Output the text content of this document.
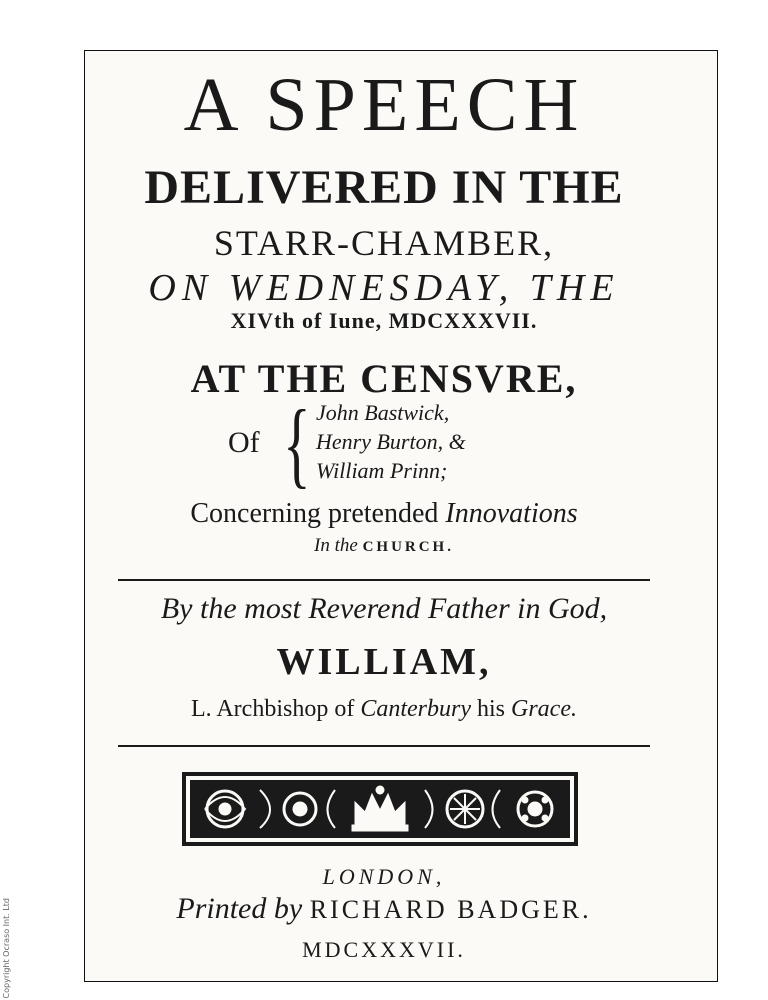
A SPEECH
DELIVERED IN THE
STARR-CHAMBER,
ON WEDNESDAY, THE
XIVth of Iune, MDCXXXVII.
AT THE CENSVRE,
Of { John Bastwick,
Henry Burton, &
William Prinn;
Concerning pretended Innovations
In the CHURCH.
By the most Reverend Father in God,
WILLIAM,
L. Archbishop of Canterbury his Grace.
LONDON,
Printed by RICHARD BADGER.
MDCXXXVII.
Copyright Ocraso Int. Ltd
